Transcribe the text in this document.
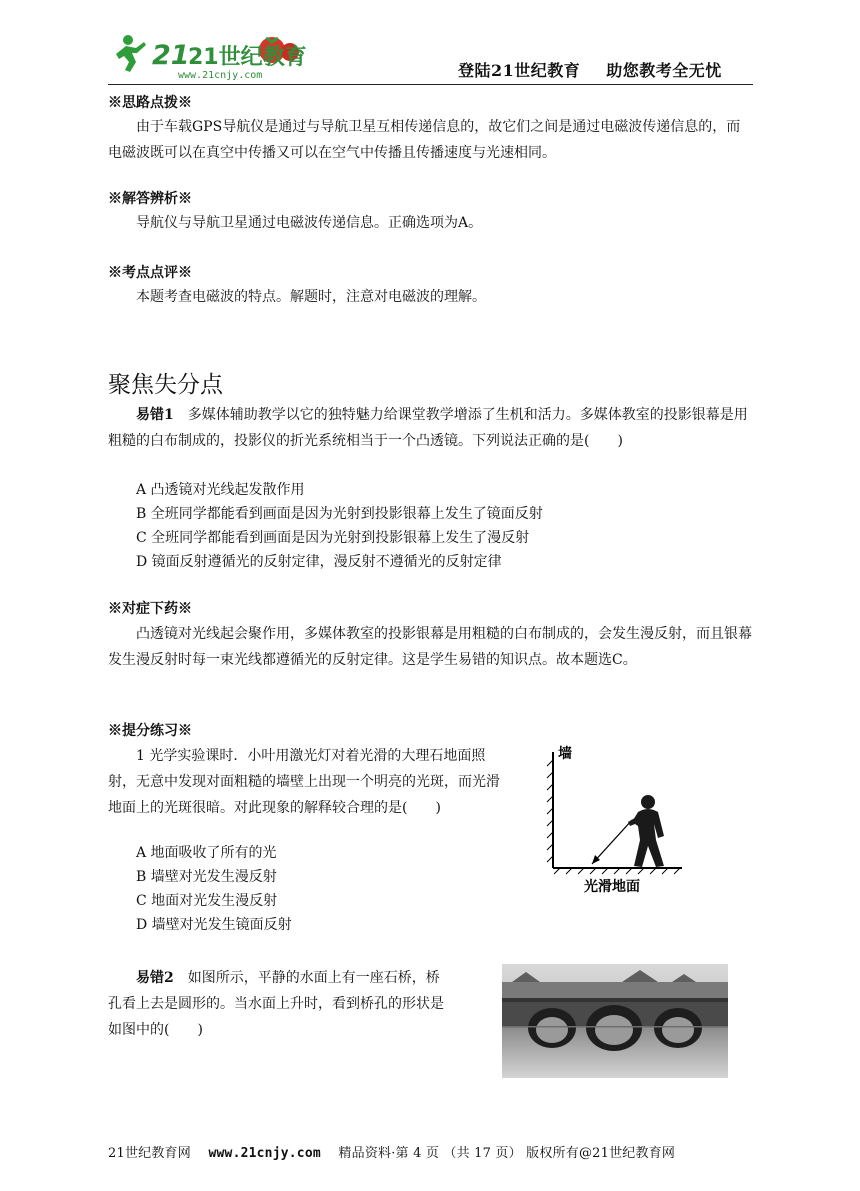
21
21世纪教育
www.21cnjy.com	登陆21世纪教育 助您教考全无忧
※思路点拨※

由于车载GPS导航仪是通过与导航卫星互相传递信息的，故它们之间是通过电磁波传递信息的，而电磁波既可以在真空中传播又可以在空气中传播且传播速度与光速相同。

※解答辨析※

导航仪与导航卫星通过电磁波传递信息。正确选项为A。

※考点点评※

本题考查电磁波的特点。解题时，注意对电磁波的理解。

聚焦失分点

易错1　 多媒体辅助教学以它的独特魅力给课堂教学增添了生机和活力。多媒体教室的投影银幕是用粗糙的白布制成的，投影仪的折光系统相当于一个凸透镜。下列说法正确的是(　　)

A 凸透镜对光线起发散作用

B 全班同学都能看到画面是因为光射到投影银幕上发生了镜面反射

C 全班同学都能看到画面是因为光射到投影银幕上发生了漫反射

D 镜面反射遵循光的反射定律，漫反射不遵循光的反射定律

※对症下药※

凸透镜对光线起会聚作用，多媒体教室的投影银幕是用粗糙的白布制成的，会发生漫反射，而且银幕发生漫反射时每一束光线都遵循光的反射定律。这是学生易错的知识点。故本题选C。

※提分练习※

1 光学实验课时．小叶用激光灯对着光滑的大理石地面照射，无意中发现对面粗糙的墙壁上出现一个明亮的光斑，而光滑地面上的光斑很暗。对此现象的解释较合理的是(　　)

A 地面吸收了所有的光

B 墙壁对光发生漫反射

C 地面对光发生漫反射

D 墙壁对光发生镜面反射

墙
光滑地面

易错2　 如图所示，平静的水面上有一座石桥，桥孔看上去是圆形的。当水面上升时，看到桥孔的形状是如图中的(　　)

21世纪教育网　 www.21cnjy.com　 精品资料·第 4 页 （共 17 页） 版权所有@21世纪教育网
